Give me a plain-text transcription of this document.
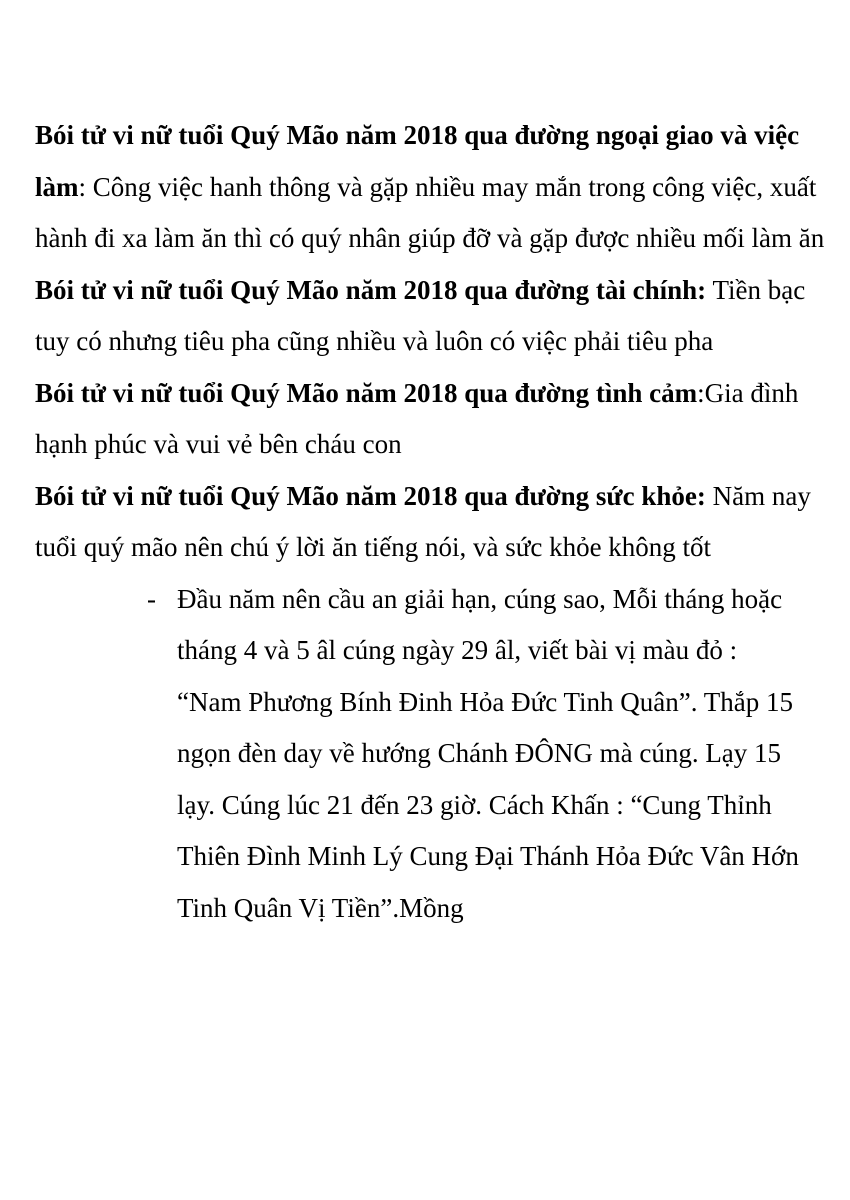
Bói tử vi nữ tuổi Quý Mão năm 2018 qua đường ngoại giao và việc làm: Công việc hanh thông và gặp nhiều may mắn trong công việc, xuất hành đi xa làm ăn thì có quý nhân giúp đỡ và gặp được nhiều mối làm ăn

Bói tử vi nữ tuổi Quý Mão năm 2018 qua đường tài chính: Tiền bạc tuy có nhưng tiêu pha cũng nhiều và luôn có việc phải tiêu pha

Bói tử vi nữ tuổi Quý Mão năm 2018 qua đường tình cảm:Gia đình hạnh phúc và vui vẻ bên cháu con

Bói tử vi nữ tuổi Quý Mão năm 2018 qua đường sức khỏe: Năm nay tuổi quý mão nên chú ý lời ăn tiếng nói, và sức khỏe không tốt

- Đầu năm nên cầu an giải hạn, cúng sao, Mỗi tháng hoặc tháng 4 và 5 âl cúng ngày 29 âl, viết bài vị màu đỏ : “Nam Phương Bính Đinh Hỏa Đức Tinh Quân”. Thắp 15 ngọn đèn day về hướng Chánh ĐÔNG mà cúng. Lạy 15 lạy. Cúng lúc 21 đến 23 giờ. Cách Khấn : “Cung Thỉnh Thiên Đình Minh Lý Cung Đại Thánh Hỏa Đức Vân Hớn Tinh Quân Vị Tiền”.Mồng
